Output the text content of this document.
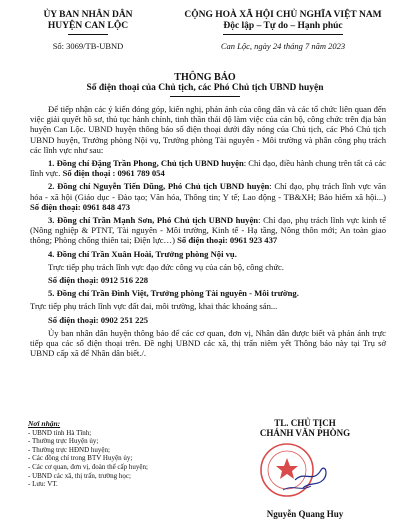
ỦY BAN NHÂN DÂN
HUYỆN CAN LỘC
Số: 3069/TB-UBND
CỘNG HOÀ XÃ HỘI CHỦ NGHĨA VIỆT NAM
Độc lập – Tự do – Hạnh phúc
Can Lộc, ngày 24 tháng 7 năm 2023
THÔNG BÁO
Số điện thoại của Chủ tịch, các Phó Chủ tịch UBND huyện

Để tiếp nhận các ý kiến đóng góp, kiến nghị, phản ánh của công dân và các tổ chức liên quan đến việc giải quyết hồ sơ, thủ tục hành chính, tinh thần thái độ làm việc của cán bộ, công chức trên địa bàn huyện Can Lộc. UBND huyện thông báo số điện thoại dưới đây nóng của Chủ tịch, các Phó Chủ tịch UBND huyện, Trưởng phòng Nội vụ, Trưởng phòng Tài nguyên - Môi trường và phân công phụ trách các lĩnh vực như sau:

1. Đồng chí Đặng Trần Phong, Chủ tịch UBND huyện: Chỉ đạo, điều hành chung trên tất cả các lĩnh vực. Số điện thoại : 0961 789 054

2. Đồng chí Nguyễn Tiến Dũng, Phó Chủ tịch UBND huyện: Chỉ đạo, phụ trách lĩnh vực văn hóa - xã hội (Giáo dục - Đào tạo; Văn hóa, Thông tin; Y tế; Lao động - TB&XH; Bảo hiểm xã hội...) Số điện thoại: 0961 848 473

3. Đồng chí Trần Mạnh Sơn, Phó Chủ tịch UBND huyện: Chỉ đạo, phụ trách lĩnh vực kinh tế (Nông nghiệp & PTNT, Tài nguyên - Môi trường, Kinh tế - Hạ tầng, Nông thôn mới; An toàn giao thông; Phòng chống thiên tai; Điện lực…) Số điện thoại: 0961 923 437

4. Đồng chí Trần Xuân Hoài, Trưởng phòng Nội vụ.

Trực tiếp phụ trách lĩnh vực đạo đức công vụ của cán bộ, công chức.

Số điện thoại: 0912 516 228

5. Đồng chí Trần Đình Việt, Trưởng phòng Tài nguyên - Môi trường.

Trực tiếp phụ trách lĩnh vực đất đai, môi trường, khai thác khoáng sản...

Số điện thoại: 0902 251 225

Ủy ban nhân dân huyện thông báo để các cơ quan, đơn vị, Nhân dân được biết và phản ánh trực tiếp qua các số điện thoại trên. Đề nghị UBND các xã, thị trấn niêm yết Thông báo này tại Trụ sở UBND cấp xã để Nhân dân biết./.

Nơi nhận:
- UBND tỉnh Hà Tĩnh;
- Thường trực Huyện ủy;
- Thường trực HĐND huyện;
- Các đồng chí trong BTV Huyện ủy;
- Các cơ quan, đơn vị, đoàn thể cấp huyện;
- UBND các xã, thị trấn, trường học;
- Lưu: VT.
TL. CHỦ TỊCH
CHÁNH VĂN PHÒNG
Nguyễn Quang Huy
